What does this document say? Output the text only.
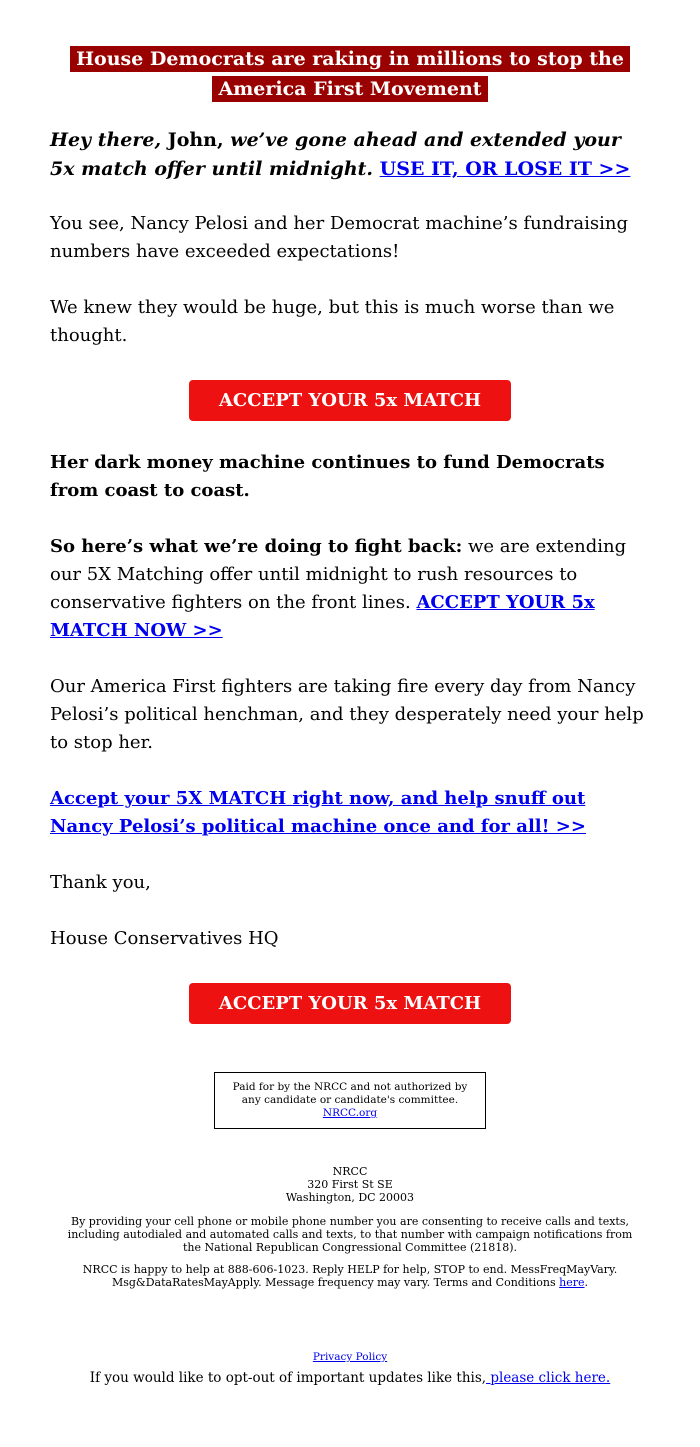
House Democrats are raking in millions to stop the America First Movement

Hey there, John, we’ve gone ahead and extended your 5x match offer until midnight. USE IT, OR LOSE IT >>

You see, Nancy Pelosi and her Democrat machine’s fundraising numbers have exceeded expectations!

We knew they would be huge, but this is much worse than we thought.

ACCEPT YOUR 5x MATCH

Her dark money machine continues to fund Democrats from coast to coast.

So here’s what we’re doing to fight back: we are extending our 5X Matching offer until midnight to rush resources to conservative fighters on the front lines. ACCEPT YOUR 5x MATCH NOW >>

Our America First fighters are taking fire every day from Nancy Pelosi’s political henchman, and they desperately need your help to stop her.

Accept your 5X MATCH right now, and help snuff out Nancy Pelosi’s political machine once and for all! >>

Thank you,

House Conservatives HQ

ACCEPT YOUR 5x MATCH
Paid for by the NRCC and not authorized by any candidate or candidate's committee. NRCC.org
NRCC
320 First St SE
Washington, DC 20003

By providing your cell phone or mobile phone number you are consenting to receive calls and texts, including autodialed and automated calls and texts, to that number with campaign notifications from the National Republican Congressional Committee (21818).

NRCC is happy to help at 888-606-1023. Reply HELP for help, STOP to end. MessFreqMayVary. Msg&DataRatesMayApply. Message frequency may vary. Terms and Conditions here.

Privacy Policy
If you would like to opt-out of important updates like this, please click here.
